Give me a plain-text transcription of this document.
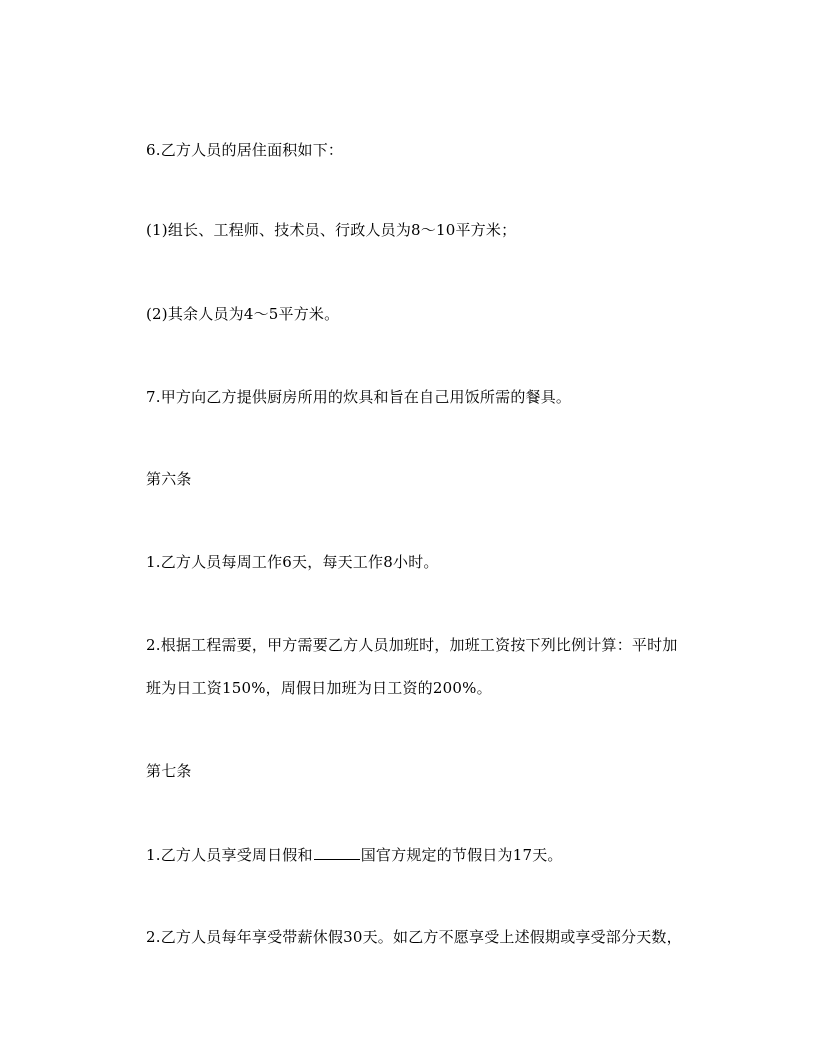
6.乙方人员的居住面积如下：
(1)组长、工程师、技术员、行政人员为8～10平方米；
(2)其余人员为4～5平方米。
7.甲方向乙方提供厨房所用的炊具和旨在自己用饭所需的餐具。
第六条
1.乙方人员每周工作6天，每天工作8小时。
2.根据工程需要，甲方需要乙方人员加班时，加班工资按下列比例计算：平时加
班为日工资150%，周假日加班为日工资的200%。
第七条
1.乙方人员享受周日假和	国官方规定的节假日为17天。
2.乙方人员每年享受带薪休假30天。如乙方不愿享受上述假期或享受部分天数，
